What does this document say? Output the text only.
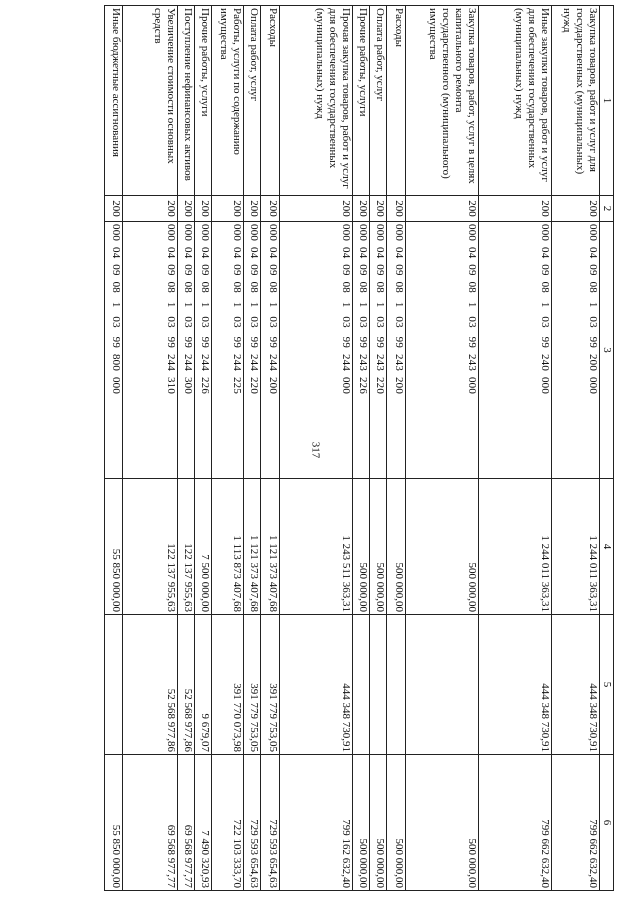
317
1	2	3	4	5	6
Закупка товаров, работ и услуг для государственных (муниципальных) нужд	200	000  04  09  08   1   03   99  200  000	1 244 011 363,31	444 348 730,91	799 662 632,40
Иные закупки товаров, работ и услуг для обеспечения государственных (муниципальных) нужд	200	000  04  09  08   1   03   99  240  000	1 244 011 363,31	444 348 730,91	799 662 632,40
Закупка товаров, работ, услуг в целях капитального ремонта государственного (муниципального) имущества	200	000  04  09  08   1   03   99  243  000	500 000,00		500 000,00
Расходы	200	000  04  09  08   1   03   99  243  200	500 000,00		500 000,00
Оплата работ, услуг	200	000  04  09  08   1   03   99  243  220	500 000,00		500 000,00
Прочие работы, услуги	200	000  04  09  08   1   03   99  243  226	500 000,00		500 000,00
Прочая закупка товаров, работ и услуг для обеспечения государственных (муниципальных) нужд	200	000  04  09  08   1   03   99  244  000	1 243 511 363,31	444 348 730,91	799 162 632,40
Расходы	200	000  04  09  08   1   03   99  244  200	1 121 373 407,68	391 779 753,05	729 593 654,63
Оплата работ, услуг	200	000  04  09  08   1   03   99  244  220	1 121 373 407,68	391 779 753,05	729 593 654,63
Работы, услуги по содержанию имущества	200	000  04  09  08   1   03   99  244  225	1 113 873 407,68	391 770 073,98	722 103 333,70
Прочие работы, услуги	200	000  04  09  08   1   03   99  244  226	7 500 000,00	9 679,07	7 490 320,93
Поступление нефинансовых активов	200	000  04  09  08   1   03   99  244  300	122 137 955,63	52 568 977,86	69 568 977,77
Увеличение стоимости основных средств	200	000  04  09  08   1   03   99  244  310	122 137 955,63	52 568 977,86	69 568 977,77
Иные бюджетные ассигнования	200	000  04  09  08   1   03   99  800  000	55 850 000,00		55 850 000,00
